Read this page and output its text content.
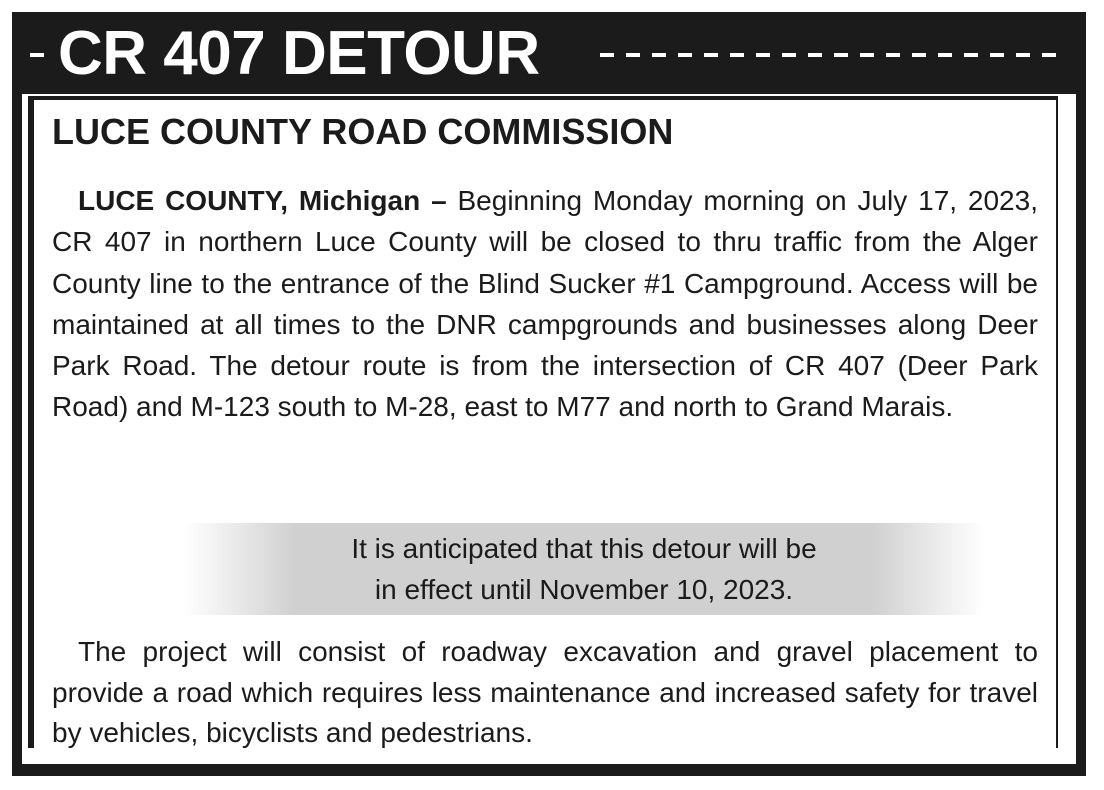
CR 407 DETOUR
LUCE COUNTY ROAD COMMISSION

LUCE COUNTY, Michigan – Beginning Monday morning on July 17, 2023, CR 407 in northern Luce County will be closed to thru traffic from the Alger County line to the entrance of the Blind Sucker #1 Campground. Access will be maintained at all times to the DNR campgrounds and businesses along Deer Park Road. The detour route is from the intersection of CR 407 (Deer Park Road) and M-123 south to M-28, east to M77 and north to Grand Marais.

It is anticipated that this detour will be
in effect until November 10, 2023.

The project will consist of roadway excavation and gravel placement to provide a road which requires less maintenance and increased safety for travel by vehicles, bicyclists and pedestrians.
